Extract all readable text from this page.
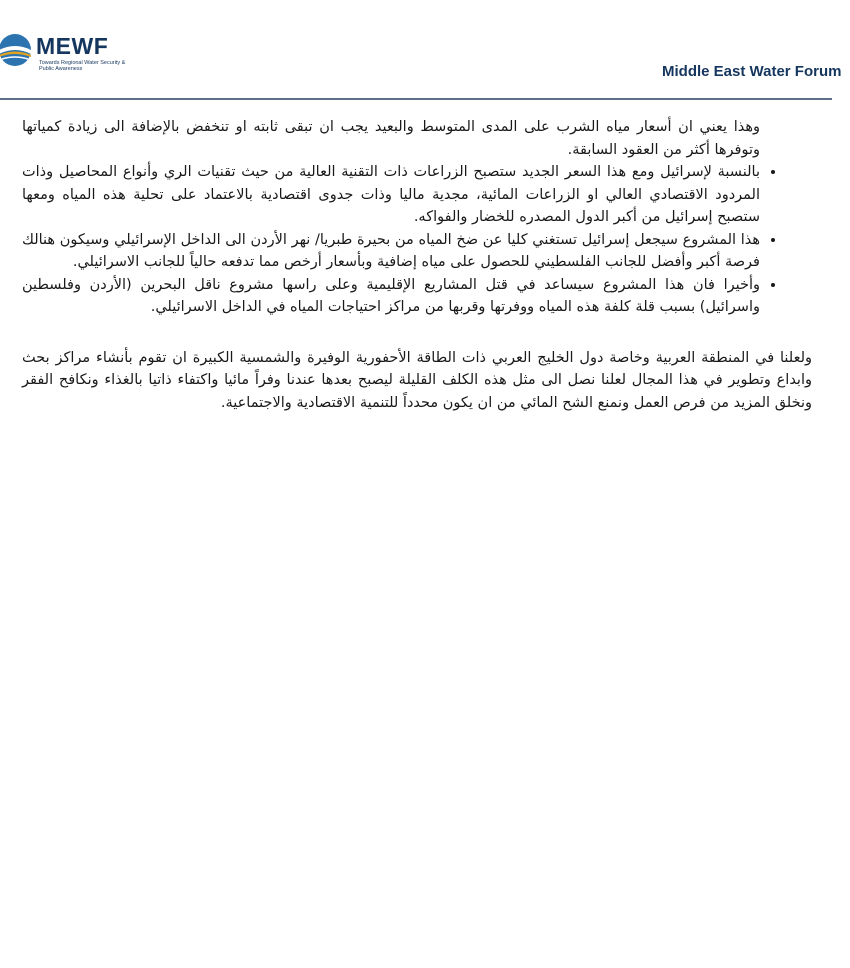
MEWF
Towards Regional Water Security & Public Awareness	Middle East Water Forum

وهذا يعني ان أسعار مياه الشرب على المدى المتوسط والبعيد يجب ان تبقى ثابته او تنخفض بالإضافة الى زيادة كمياتها وتوفرها أكثر من العقود السابقة.

• بالنسبة لإسرائيل ومع هذا السعر الجديد ستصبح الزراعات ذات التقنية العالية من حيث تقنيات الري وأنواع المحاصيل وذات المردود الاقتصادي العالي او الزراعات المائية، مجدية ماليا وذات جدوى اقتصادية بالاعتماد على تحلية هذه المياه ومعها ستصبح إسرائيل من أكبر الدول المصدره للخضار والفواكه.
• هذا المشروع سيجعل إسرائيل تستغني كليا عن ضخ المياه من بحيرة طبريا/ نهر الأردن الى الداخل الإسرائيلي وسيكون هنالك فرصة أكبر وأفضل للجانب الفلسطيني للحصول على مياه إضافية وبأسعار أرخص مما تدفعه حالياً للجانب الاسرائيلي.
• وأخيرا فان هذا المشروع سيساعد في قتل المشاريع الإقليمية وعلى راسها مشروع ناقل البحرين (الأردن وفلسطين واسرائيل) بسبب قلة كلفة هذه المياه ووفرتها وقربها من مراكز احتياجات المياه في الداخل الاسرائيلي.

ولعلنا في المنطقة العربية وخاصة دول الخليج العربي ذات الطاقة الأحفورية الوفيرة والشمسية الكبيرة ان تقوم بأنشاء مراكز بحث وابداع وتطوير في هذا المجال لعلنا نصل الى مثل هذه الكلف القليلة ليصبح بعدها عندنا وفراً مائيا واكتفاء ذاتيا بالغذاء ونكافح الفقر ونخلق المزيد من فرص العمل ونمنع الشح المائي من ان يكون محدداً للتنمية الاقتصادية والاجتماعية.
